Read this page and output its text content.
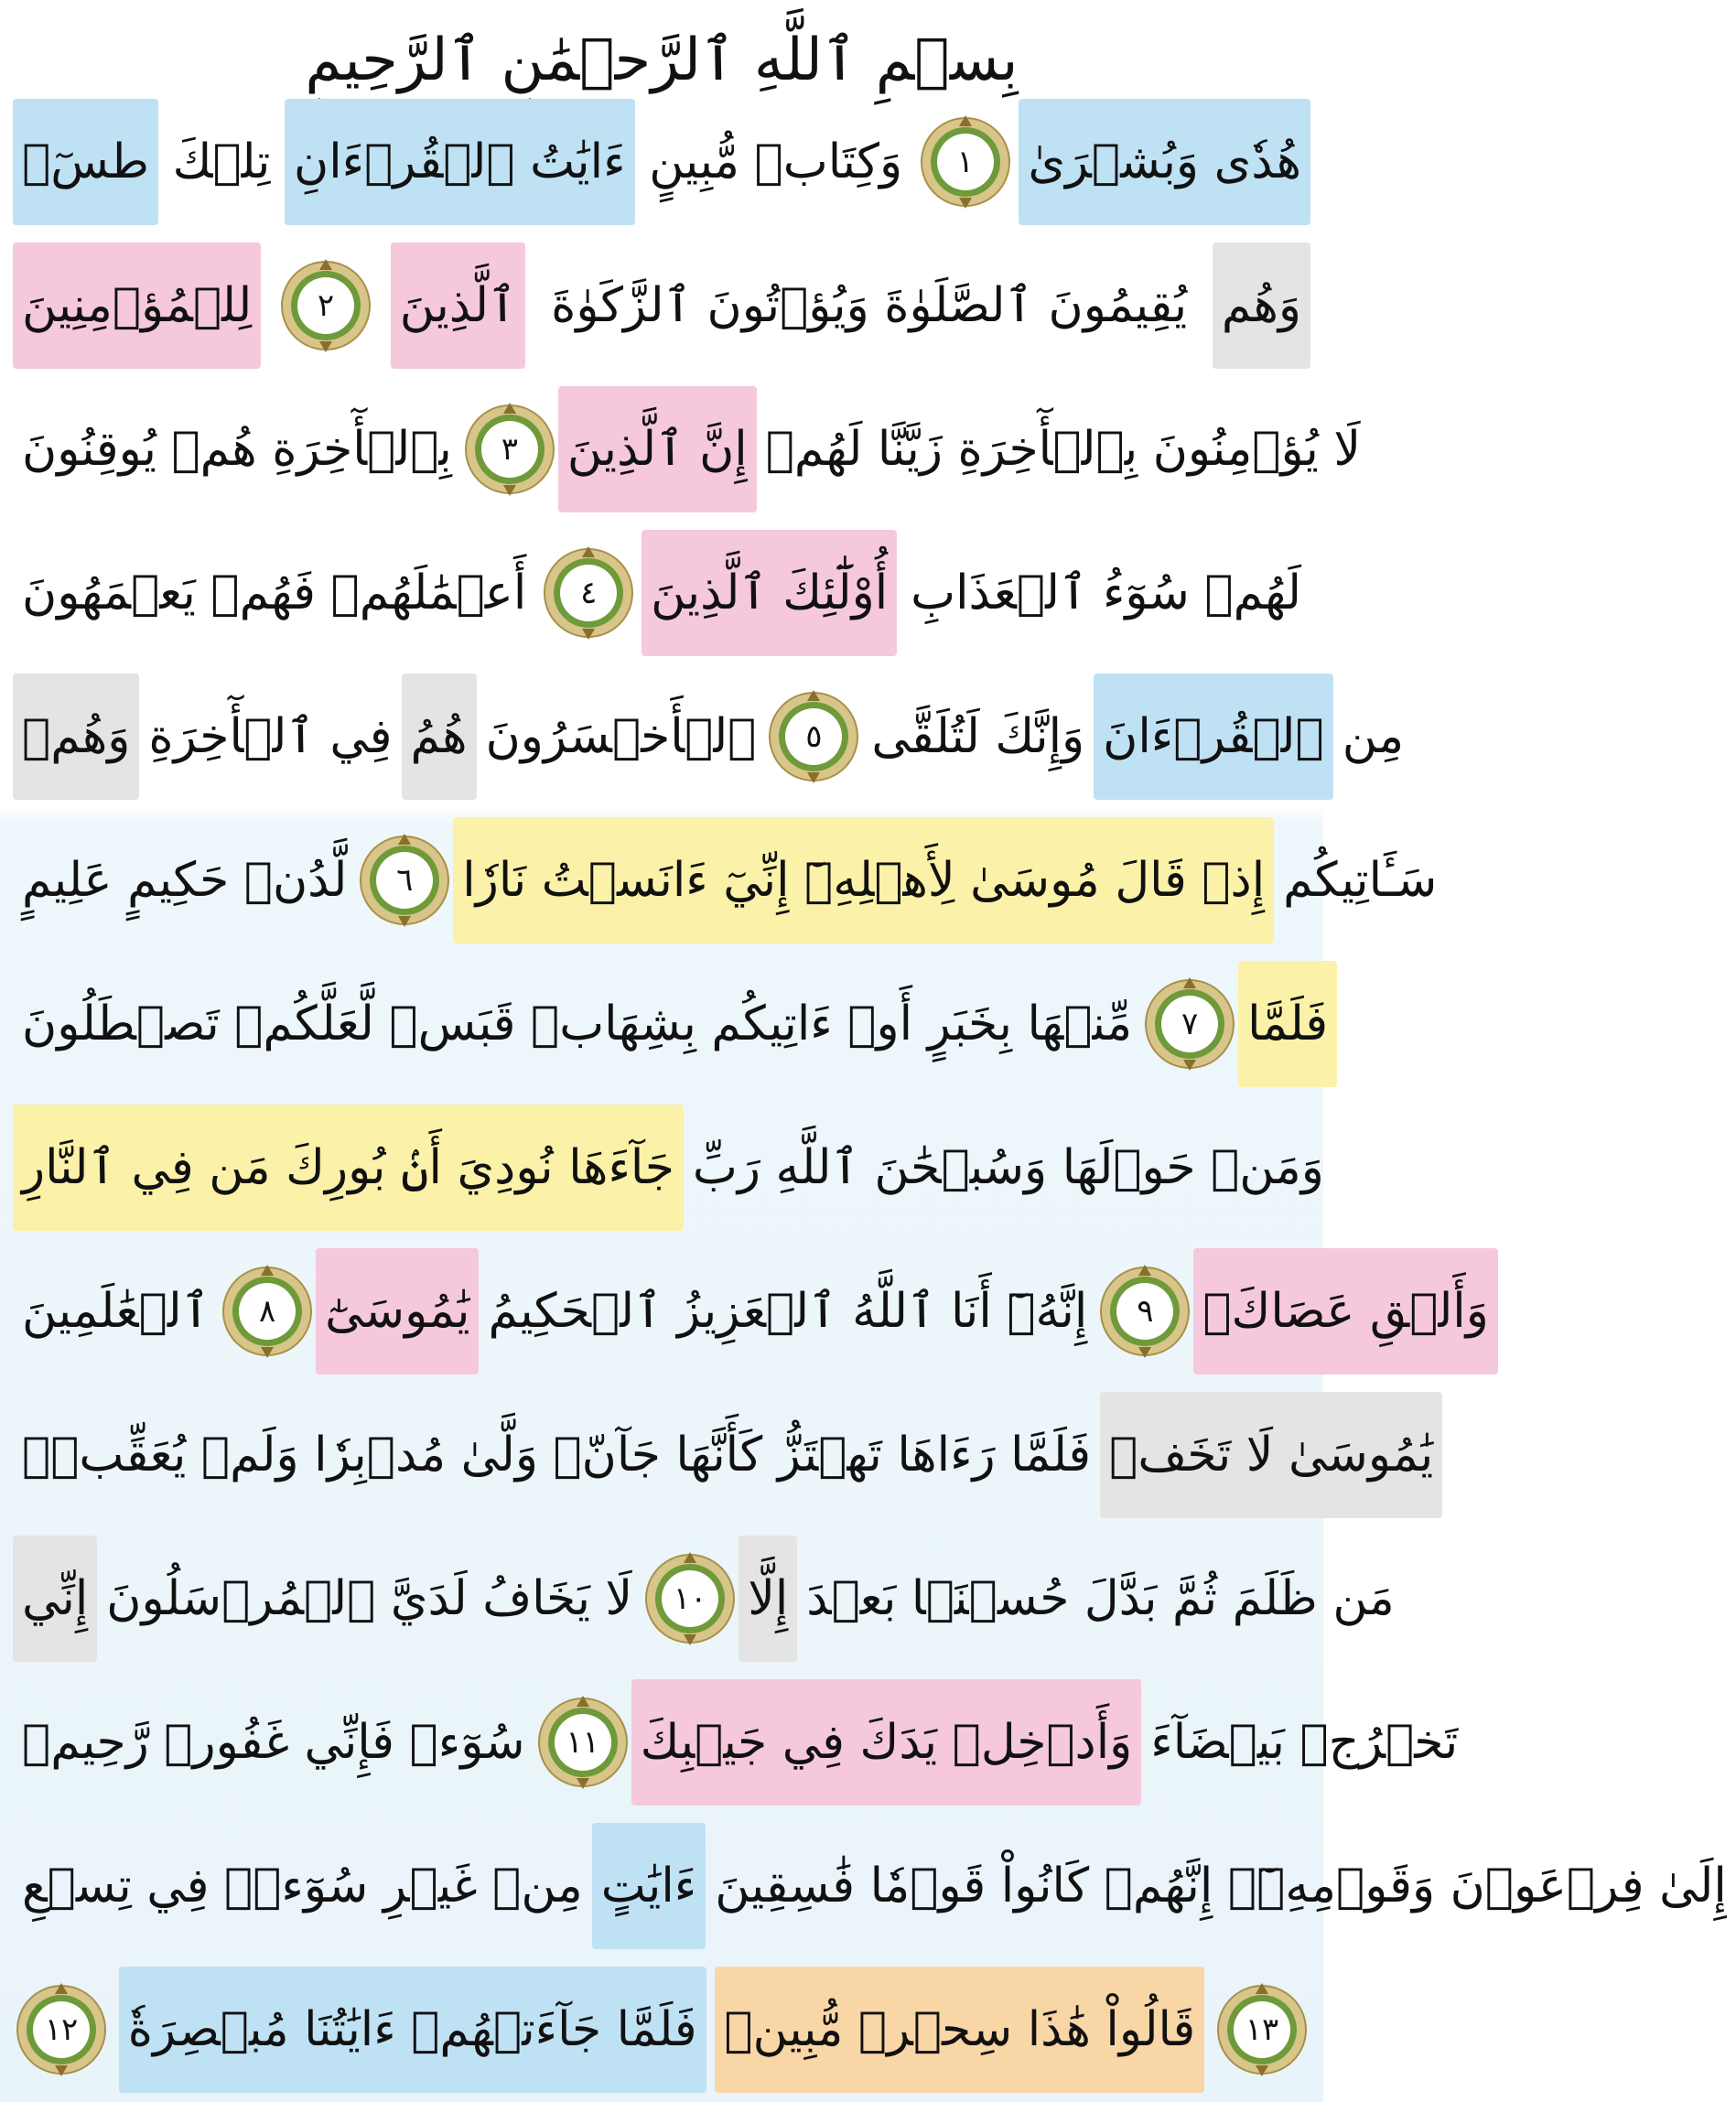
بِسۡمِ ٱللَّهِ ٱلرَّحۡمَٰنِ ٱلرَّحِيمِ
طسٓۚ تِلۡكَ ءَايَٰتُ ٱلۡقُرۡءَانِ وَكِتَابٖ مُّبِينٍ ١ هُدٗى وَبُشۡرَىٰ
لِلۡمُؤۡمِنِينَ ٢ ٱلَّذِينَ يُقِيمُونَ ٱلصَّلَوٰةَ وَيُؤۡتُونَ ٱلزَّكَوٰةَ وَهُم
بِٱلۡأٓخِرَةِ هُمۡ يُوقِنُونَ ٣ إِنَّ ٱلَّذِينَ لَا يُؤۡمِنُونَ بِٱلۡأٓخِرَةِ زَيَّنَّا لَهُمۡ
أَعۡمَٰلَهُمۡ فَهُمۡ يَعۡمَهُونَ ٤ أُوْلَٰٓئِكَ ٱلَّذِينَ لَهُمۡ سُوٓءُ ٱلۡعَذَابِ
وَهُمۡ فِي ٱلۡأٓخِرَةِ هُمُ ٱلۡأَخۡسَرُونَ ٥ وَإِنَّكَ لَتُلَقَّى ٱلۡقُرۡءَانَ مِن
لَّدُنۡ حَكِيمٍ عَلِيمٍ ٦ إِذۡ قَالَ مُوسَىٰ لِأَهۡلِهِۦٓ إِنِّيٓ ءَانَسۡتُ نَارٗا سَـَٔاتِيكُم
مِّنۡهَا بِخَبَرٍ أَوۡ ءَاتِيكُم بِشِهَابٖ قَبَسٖ لَّعَلَّكُمۡ تَصۡطَلُونَ ٧ فَلَمَّا
جَآءَهَا نُودِيَ أَنۢ بُورِكَ مَن فِي ٱلنَّارِ وَمَنۡ حَوۡلَهَا وَسُبۡحَٰنَ ٱللَّهِ رَبِّ
ٱلۡعَٰلَمِينَ ٨ يَٰمُوسَىٰٓ إِنَّهُۥٓ أَنَا ٱللَّهُ ٱلۡعَزِيزُ ٱلۡحَكِيمُ ٩ وَأَلۡقِ عَصَاكَۚ
فَلَمَّا رَءَاهَا تَهۡتَزُّ كَأَنَّهَا جَآنّٞ وَلَّىٰ مُدۡبِرٗا وَلَمۡ يُعَقِّبۡۚ يَٰمُوسَىٰ لَا تَخَفۡ
إِنِّي لَا يَخَافُ لَدَيَّ ٱلۡمُرۡسَلُونَ ١٠ إِلَّا مَن ظَلَمَ ثُمَّ بَدَّلَ حُسۡنَۢا بَعۡدَ
سُوٓءٖ فَإِنِّي غَفُورٞ رَّحِيمٞ ١١ وَأَدۡخِلۡ يَدَكَ فِي جَيۡبِكَ تَخۡرُجۡ بَيۡضَآءَ
مِنۡ غَيۡرِ سُوٓءٖۖ فِي تِسۡعِ ءَايَٰتٍ إِلَىٰ فِرۡعَوۡنَ وَقَوۡمِهِۦٓۚ إِنَّهُمۡ كَانُواْ قَوۡمٗا فَٰسِقِينَ
١٢ فَلَمَّا جَآءَتۡهُمۡ ءَايَٰتُنَا مُبۡصِرَةٗ قَالُواْ هَٰذَا سِحۡرٞ مُّبِينٞ ١٣
